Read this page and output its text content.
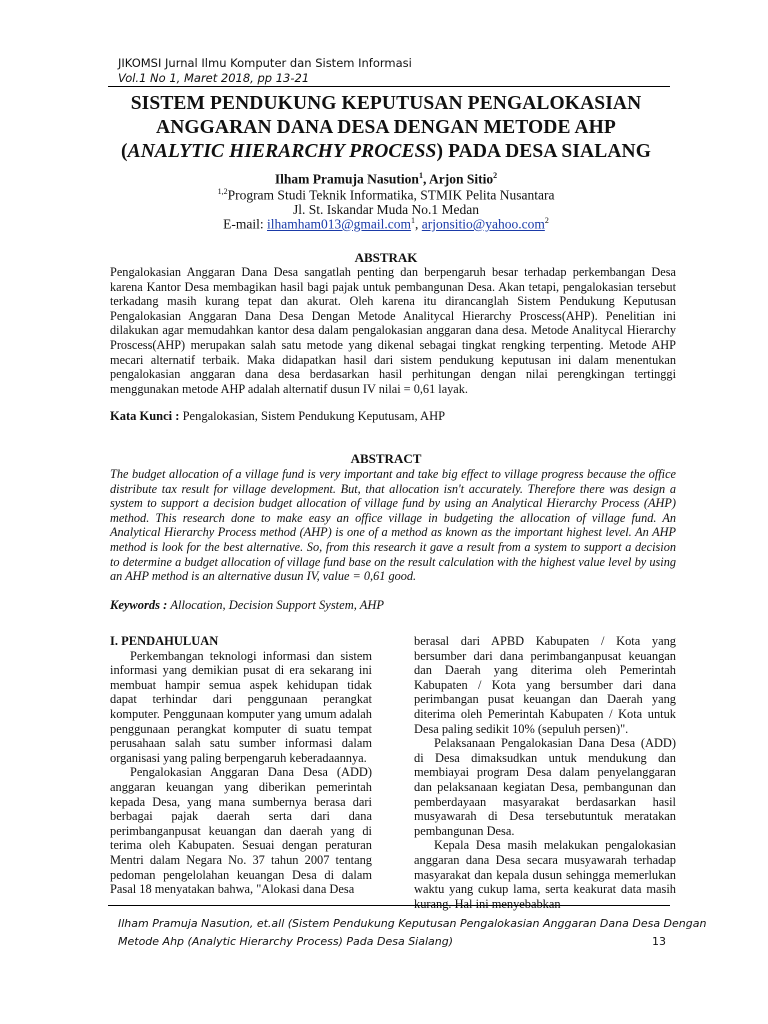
JIKOMSI Jurnal Ilmu Komputer dan Sistem Informasi
Vol.1 No 1, Maret 2018, pp 13-21
SISTEM PENDUKUNG KEPUTUSAN PENGALOKASIAN
ANGGARAN DANA DESA DENGAN METODE AHP
(ANALYTIC HIERARCHY PROCESS) PADA DESA SIALANG
Ilham Pramuja Nasution$^1$, Arjon Sitio$^2$
$^{1,2}$Program Studi Teknik Informatika, STMIK Pelita Nusantara
Jl. St. Iskandar Muda No.1 Medan
E-mail: ilhamham013@gmail.com$^1$, arjonsitio@yahoo.com$^2$
ABSTRAK
Pengalokasian Anggaran Dana Desa sangatlah penting dan berpengaruh besar terhadap perkembangan Desa karena Kantor Desa membagikan hasil bagi pajak untuk pembangunan Desa. Akan tetapi, pengalokasian tersebut terkadang masih kurang tepat dan akurat. Oleh karena itu dirancanglah Sistem Pendukung Keputusan Pengalokasian Anggaran Dana Desa Dengan Metode Analitycal Hierarchy Proscess(AHP). Penelitian ini dilakukan agar memudahkan kantor desa dalam pengalokasian anggaran dana desa. Metode Analitycal Hierarchy Proscess(AHP) merupakan salah satu metode yang dikenal sebagai tingkat rengking terpenting. Metode AHP mecari alternatif terbaik. Maka didapatkan hasil dari sistem pendukung keputusan ini dalam menentukan pengalokasian anggaran dana desa berdasarkan hasil perhitungan dengan nilai perengkingan tertinggi menggunakan metode AHP adalah alternatif dusun IV nilai = 0,61 layak.
Kata Kunci : Pengalokasian, Sistem Pendukung Keputusam, AHP
ABSTRACT
The budget allocation of a village fund is very important and take big effect to village progress because the office distribute tax result for village development. But, that allocation isn't accurately. Therefore there was design a system to support a decision budget allocation of village fund by using an Analytical Hierarchy Process (AHP) method. This research done to make easy an office village in budgeting the allocation of village fund. An Analytical Hierarchy Process method (AHP) is one of a method as known as the important highest level. An AHP method is look for the best alternative. So, from this research it gave a result from a system to support a decision to determine a budget allocation of village fund base on the result calculation with the highest value level by using an AHP method is an alternative dusun IV, value = 0,61 good.
Keywords : Allocation, Decision Support System, AHP
I. PENDAHULUAN

Perkembangan teknologi informasi dan sistem informasi yang demikian pusat di era sekarang ini membuat hampir semua aspek kehidupan tidak dapat terhindar dari penggunaan perangkat komputer. Penggunaan komputer yang umum adalah penggunaan perangkat komputer di suatu tempat perusahaan salah satu sumber informasi dalam organisasi yang paling berpengaruh keberadaannya.

Pengalokasian Anggaran Dana Desa (ADD) anggaran keuangan yang diberikan pemerintah kepada Desa, yang mana sumbernya berasa dari berbagai pajak daerah serta dari dana perimbanganpusat keuangan dan daerah yang di terima oleh Kabupaten. Sesuai dengan peraturan Mentri dalam Negara No. 37 tahun 2007 tentang pedoman pengelolahan keuangan Desa di dalam Pasal 18 menyatakan bahwa, "Alokasi dana Desa

berasal dari APBD Kabupaten / Kota yang bersumber dari dana perimbanganpusat keuangan dan Daerah yang diterima oleh Pemerintah Kabupaten / Kota yang bersumber dari dana perimbangan pusat keuangan dan Daerah yang diterima oleh Pemerintah Kabupaten / Kota untuk Desa paling sedikit 10% (sepuluh persen)".

Pelaksanaan Pengalokasian Dana Desa (ADD) di Desa dimaksudkan untuk mendukung dan membiayai program Desa dalam penyelanggaran dan pelaksanaan kegiatan Desa, pembangunan dan pemberdayaan masyarakat berdasarkan hasil musyawarah di Desa tersebutuntuk meratakan pembangunan Desa.

Kepala Desa masih melakukan pengalokasian anggaran dana Desa secara musyawarah terhadap masyarakat dan kepala dusun sehingga memerlukan waktu yang cukup lama, serta keakurat data masih kurang. Hal ini menyebabkan

Ilham Pramuja Nasution, et.all (Sistem Pendukung Keputusan Pengalokasian Anggaran Dana Desa Dengan
Metode Ahp (Analytic Hierarchy Process) Pada Desa Sialang)	13
